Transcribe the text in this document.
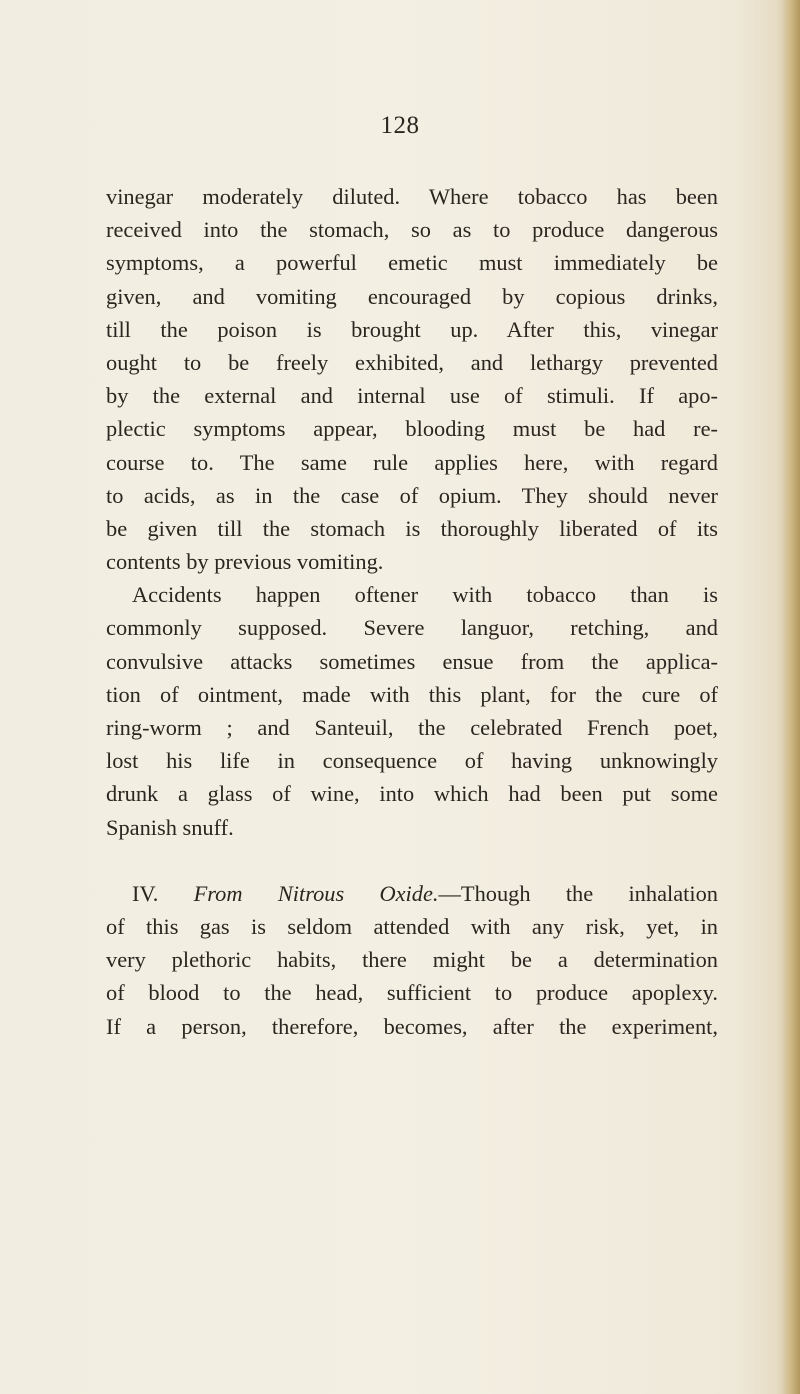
128

vinegar moderately diluted. Where tobacco has been

received into the stomach, so as to produce dangerous

symptoms, a powerful emetic must immediately be

given, and vomiting encouraged by copious drinks,

till the poison is brought up. After this, vinegar

ought to be freely exhibited, and lethargy prevented

by the external and internal use of stimuli. If apo-

plectic symptoms appear, blooding must be had re-

course to. The same rule applies here, with regard

to acids, as in the case of opium. They should never

be given till the stomach is thoroughly liberated of its

contents by previous vomiting.

Accidents happen oftener with tobacco than is

commonly supposed. Severe languor, retching, and

convulsive attacks sometimes ensue from the applica-

tion of ointment, made with this plant, for the cure of

ring-worm ; and Santeuil, the celebrated French poet,

lost his life in consequence of having unknowingly

drunk a glass of wine, into which had been put some

Spanish snuff.

IV. From Nitrous Oxide.—Though the inhalation

of this gas is seldom attended with any risk, yet, in

very plethoric habits, there might be a determination

of blood to the head, sufficient to produce apoplexy.

If a person, therefore, becomes, after the experiment,
